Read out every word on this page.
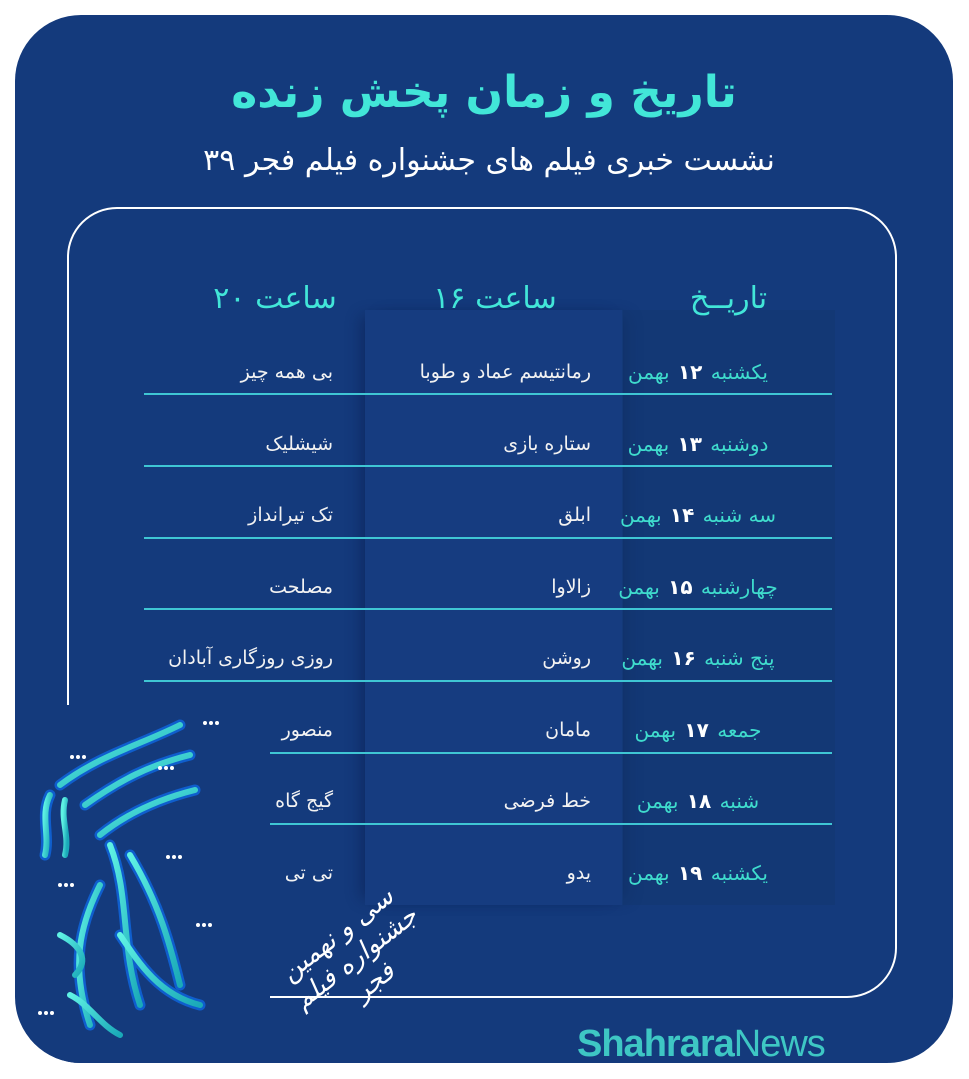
تاریخ و زمان پخش زنده
نشست خبری فیلم های جشنواره فیلم فجر ۳۹
تاریــخ
ساعت ۱۶
ساعت ۲۰
یکشنبه ۱۲ بهمن
رمانتیسم عماد و طوبا
بی همه چیز
دوشنبه ۱۳ بهمن
ستاره بازی
شیشلیک
سه شنبه ۱۴ بهمن
ابلق
تک تیرانداز
چهارشنبه ۱۵ بهمن
زالاوا
مصلحت
پنج شنبه ۱۶ بهمن
روشن
روزی روزگاری آبادان
جمعه ۱۷ بهمن
مامان
منصور
شنبه ۱۸ بهمن
خط فرضی
گیج گاه
یکشنبه ۱۹ بهمن
یدو
تی تی
سی و نهمین جشنواره فیلم فجر
ShahraraNews
